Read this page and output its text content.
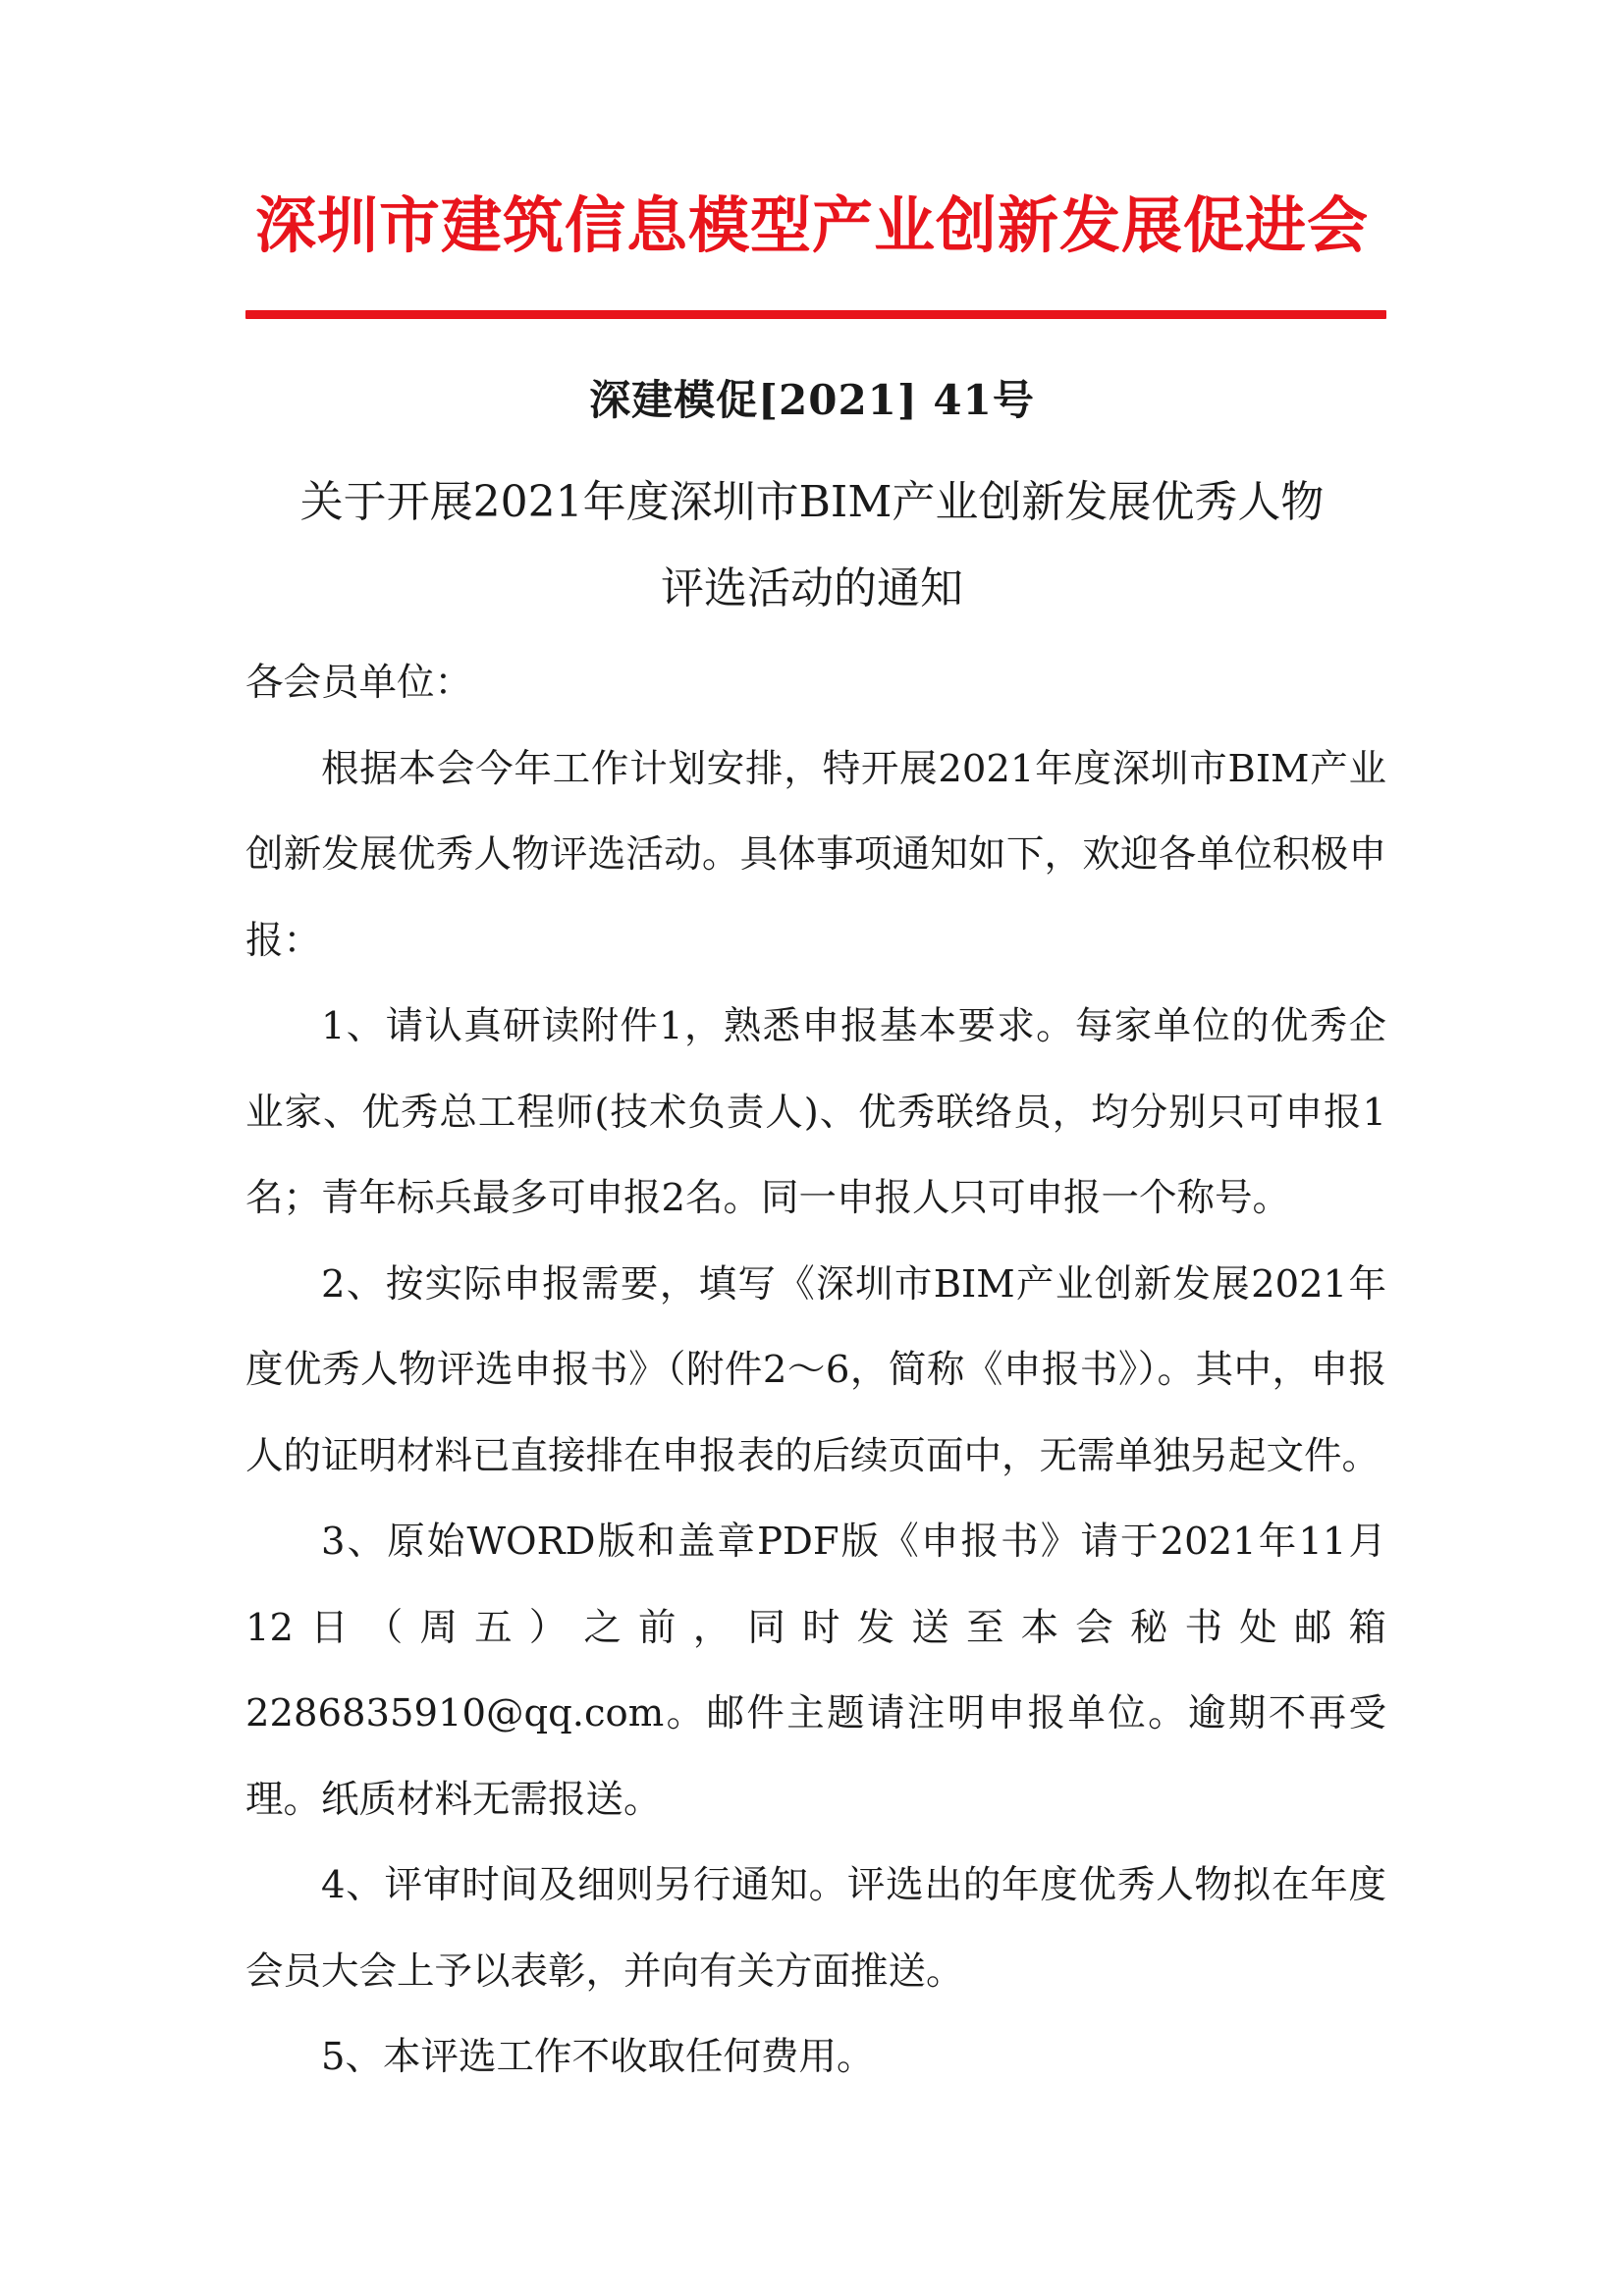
深圳市建筑信息模型产业创新发展促进会
深建模促[2021] 41号
关于开展2021年度深圳市BIM产业创新发展优秀人物
评选活动的通知

各会员单位：

根据本会今年工作计划安排，特开展2021年度深圳市BIM产业创新发展优秀人物评选活动。具体事项通知如下，欢迎各单位积极申报：

1、请认真研读附件1，熟悉申报基本要求。每家单位的优秀企业家、优秀总工程师(技术负责人)、优秀联络员，均分别只可申报1名；青年标兵最多可申报2名。同一申报人只可申报一个称号。

2、按实际申报需要，填写《深圳市BIM产业创新发展2021年度优秀人物评选申报书》（附件2～6，简称《申报书》）。其中，申报人的证明材料已直接排在申报表的后续页面中，无需单独另起文件。

3、原始WORD版和盖章PDF版《申报书》请于2021年11月12日（周五）之前，同时发送至本会秘书处邮箱2286835910@qq.com。邮件主题请注明申报单位。逾期不再受理。纸质材料无需报送。

4、评审时间及细则另行通知。评选出的年度优秀人物拟在年度会员大会上予以表彰，并向有关方面推送。

5、本评选工作不收取任何费用。
